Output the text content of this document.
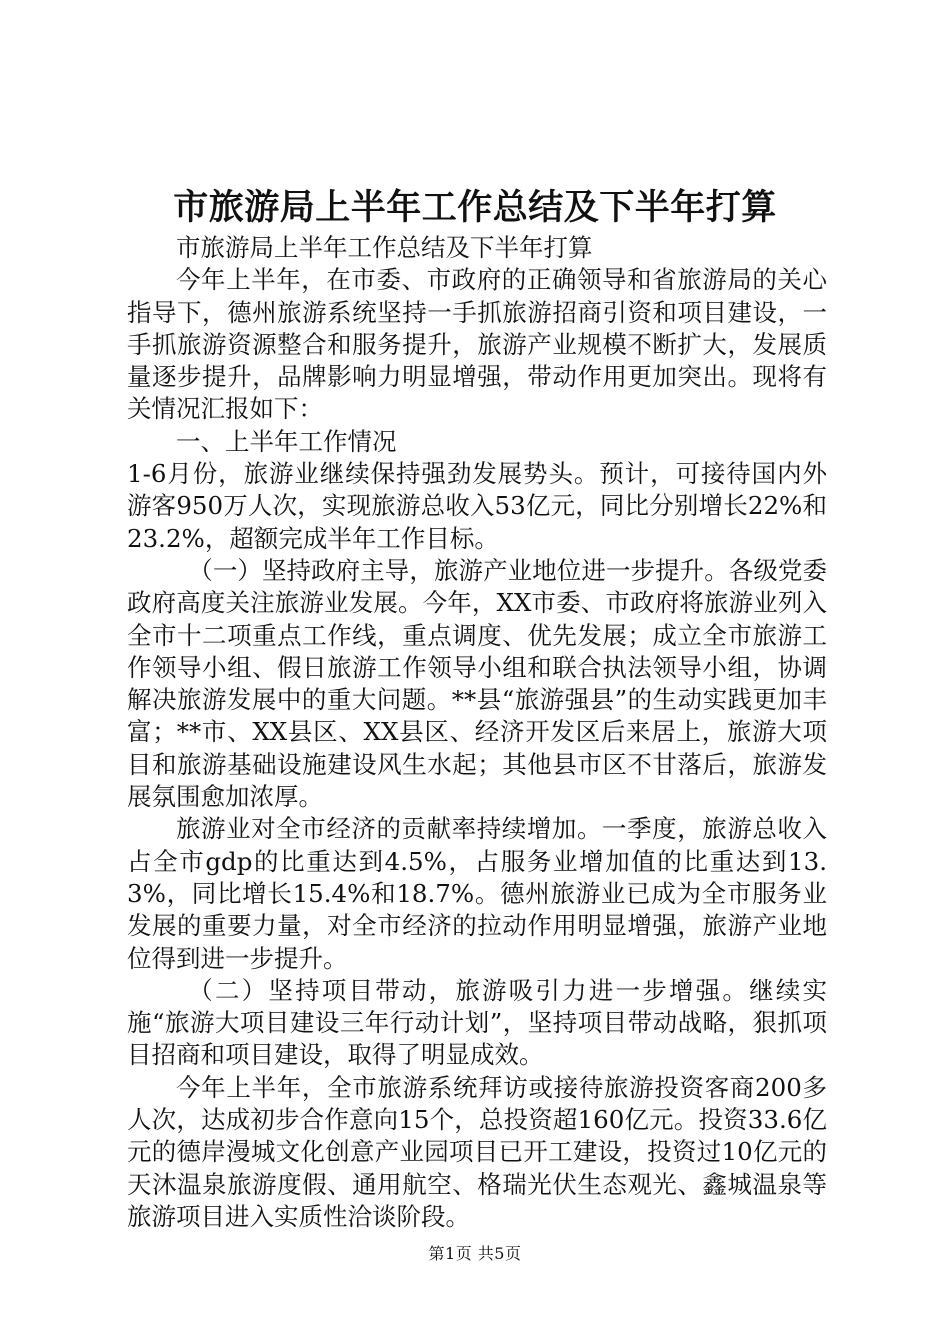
市旅游局上半年工作总结及下半年打算

市旅游局上半年工作总结及下半年打算

今年上半年，在市委、市政府的正确领导和省旅游局的关心指导下，德州旅游系统坚持一手抓旅游招商引资和项目建设，一手抓旅游资源整合和服务提升，旅游产业规模不断扩大，发展质量逐步提升，品牌影响力明显增强，带动作用更加突出。现将有关情况汇报如下：

一、上半年工作情况

1-6月份，旅游业继续保持强劲发展势头。预计，可接待国内外游客950万人次，实现旅游总收入53亿元，同比分别增长22%和23.2%，超额完成半年工作目标。

（一）坚持政府主导，旅游产业地位进一步提升。各级党委政府高度关注旅游业发展。今年，XX市委、市政府将旅游业列入全市十二项重点工作线，重点调度、优先发展；成立全市旅游工作领导小组、假日旅游工作领导小组和联合执法领导小组，协调解决旅游发展中的重大问题。**县“旅游强县”的生动实践更加丰富；**市、XX县区、XX县区、经济开发区后来居上，旅游大项目和旅游基础设施建设风生水起；其他县市区不甘落后，旅游发展氛围愈加浓厚。

旅游业对全市经济的贡献率持续增加。一季度，旅游总收入占全市gdp的比重达到4.5%，占服务业增加值的比重达到13.3%，同比增长15.4%和18.7%。德州旅游业已成为全市服务业发展的重要力量，对全市经济的拉动作用明显增强，旅游产业地位得到进一步提升。

（二）坚持项目带动，旅游吸引力进一步增强。继续实施“旅游大项目建设三年行动计划”，坚持项目带动战略，狠抓项目招商和项目建设，取得了明显成效。

今年上半年，全市旅游系统拜访或接待旅游投资客商200多人次，达成初步合作意向15个，总投资超160亿元。投资33.6亿元的德岸漫城文化创意产业园项目已开工建设，投资过10亿元的天沐温泉旅游度假、通用航空、格瑞光伏生态观光、鑫城温泉等旅游项目进入实质性洽谈阶段。

第1页 共5页
